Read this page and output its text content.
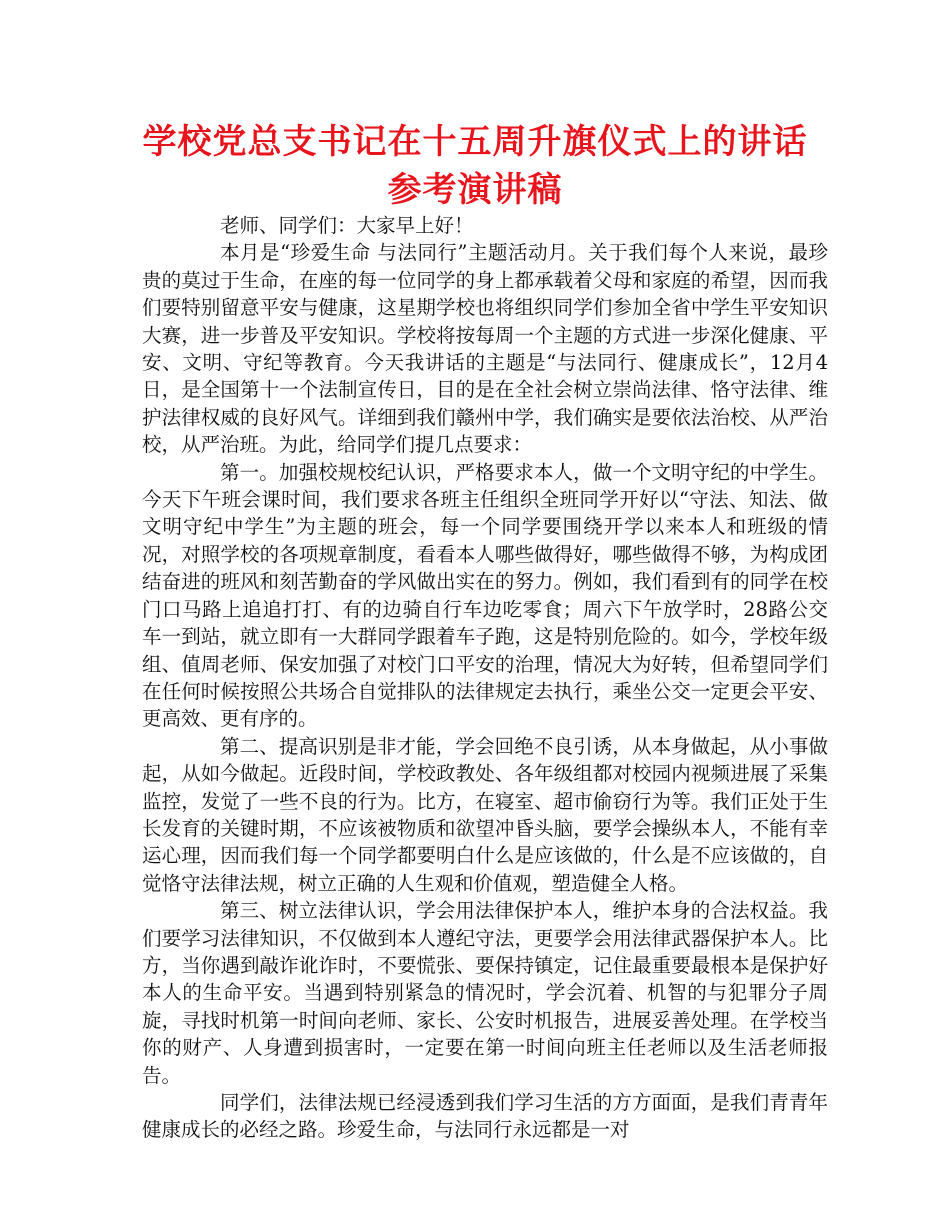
学校党总支书记在十五周升旗仪式上的讲话参考演讲稿

老师、同学们：大家早上好！

本月是“珍爱生命 与法同行”主题活动月。关于我们每个人来说，最珍贵的莫过于生命，在座的每一位同学的身上都承载着父母和家庭的希望，因而我们要特别留意平安与健康，这星期学校也将组织同学们参加全省中学生平安知识大赛，进一步普及平安知识。学校将按每周一个主题的方式进一步深化健康、平安、文明、守纪等教育。今天我讲话的主题是“与法同行、健康成长”，12月4日，是全国第十一个法制宣传日，目的是在全社会树立崇尚法律、恪守法律、维护法律权威的良好风气。详细到我们赣州中学，我们确实是要依法治校、从严治校，从严治班。为此，给同学们提几点要求：

第一。加强校规校纪认识，严格要求本人，做一个文明守纪的中学生。今天下午班会课时间，我们要求各班主任组织全班同学开好以“守法、知法、做文明守纪中学生”为主题的班会，每一个同学要围绕开学以来本人和班级的情况，对照学校的各项规章制度，看看本人哪些做得好，哪些做得不够，为构成团结奋进的班风和刻苦勤奋的学风做出实在的努力。例如，我们看到有的同学在校门口马路上追追打打、有的边骑自行车边吃零食；周六下午放学时，28路公交车一到站，就立即有一大群同学跟着车子跑，这是特别危险的。如今，学校年级组、值周老师、保安加强了对校门口平安的治理，情况大为好转，但希望同学们在任何时候按照公共场合自觉排队的法律规定去执行，乘坐公交一定更会平安、更高效、更有序的。

第二、提高识别是非才能，学会回绝不良引诱，从本身做起，从小事做起，从如今做起。近段时间，学校政教处、各年级组都对校园内视频进展了采集监控，发觉了一些不良的行为。比方，在寝室、超市偷窃行为等。我们正处于生长发育的关键时期，不应该被物质和欲望冲昏头脑，要学会操纵本人，不能有幸运心理，因而我们每一个同学都要明白什么是应该做的，什么是不应该做的，自觉恪守法律法规，树立正确的人生观和价值观，塑造健全人格。

第三、树立法律认识，学会用法律保护本人，维护本身的合法权益。我们要学习法律知识，不仅做到本人遵纪守法，更要学会用法律武器保护本人。比方，当你遇到敲诈讹诈时，不要慌张、要保持镇定，记住最重要最根本是保护好本人的生命平安。当遇到特别紧急的情况时，学会沉着、机智的与犯罪分子周旋，寻找时机第一时间向老师、家长、公安时机报告，进展妥善处理。在学校当你的财产、人身遭到损害时，一定要在第一时间向班主任老师以及生活老师报告。

同学们，法律法规已经浸透到我们学习生活的方方面面，是我们青青年健康成长的必经之路。珍爱生命，与法同行永远都是一对
